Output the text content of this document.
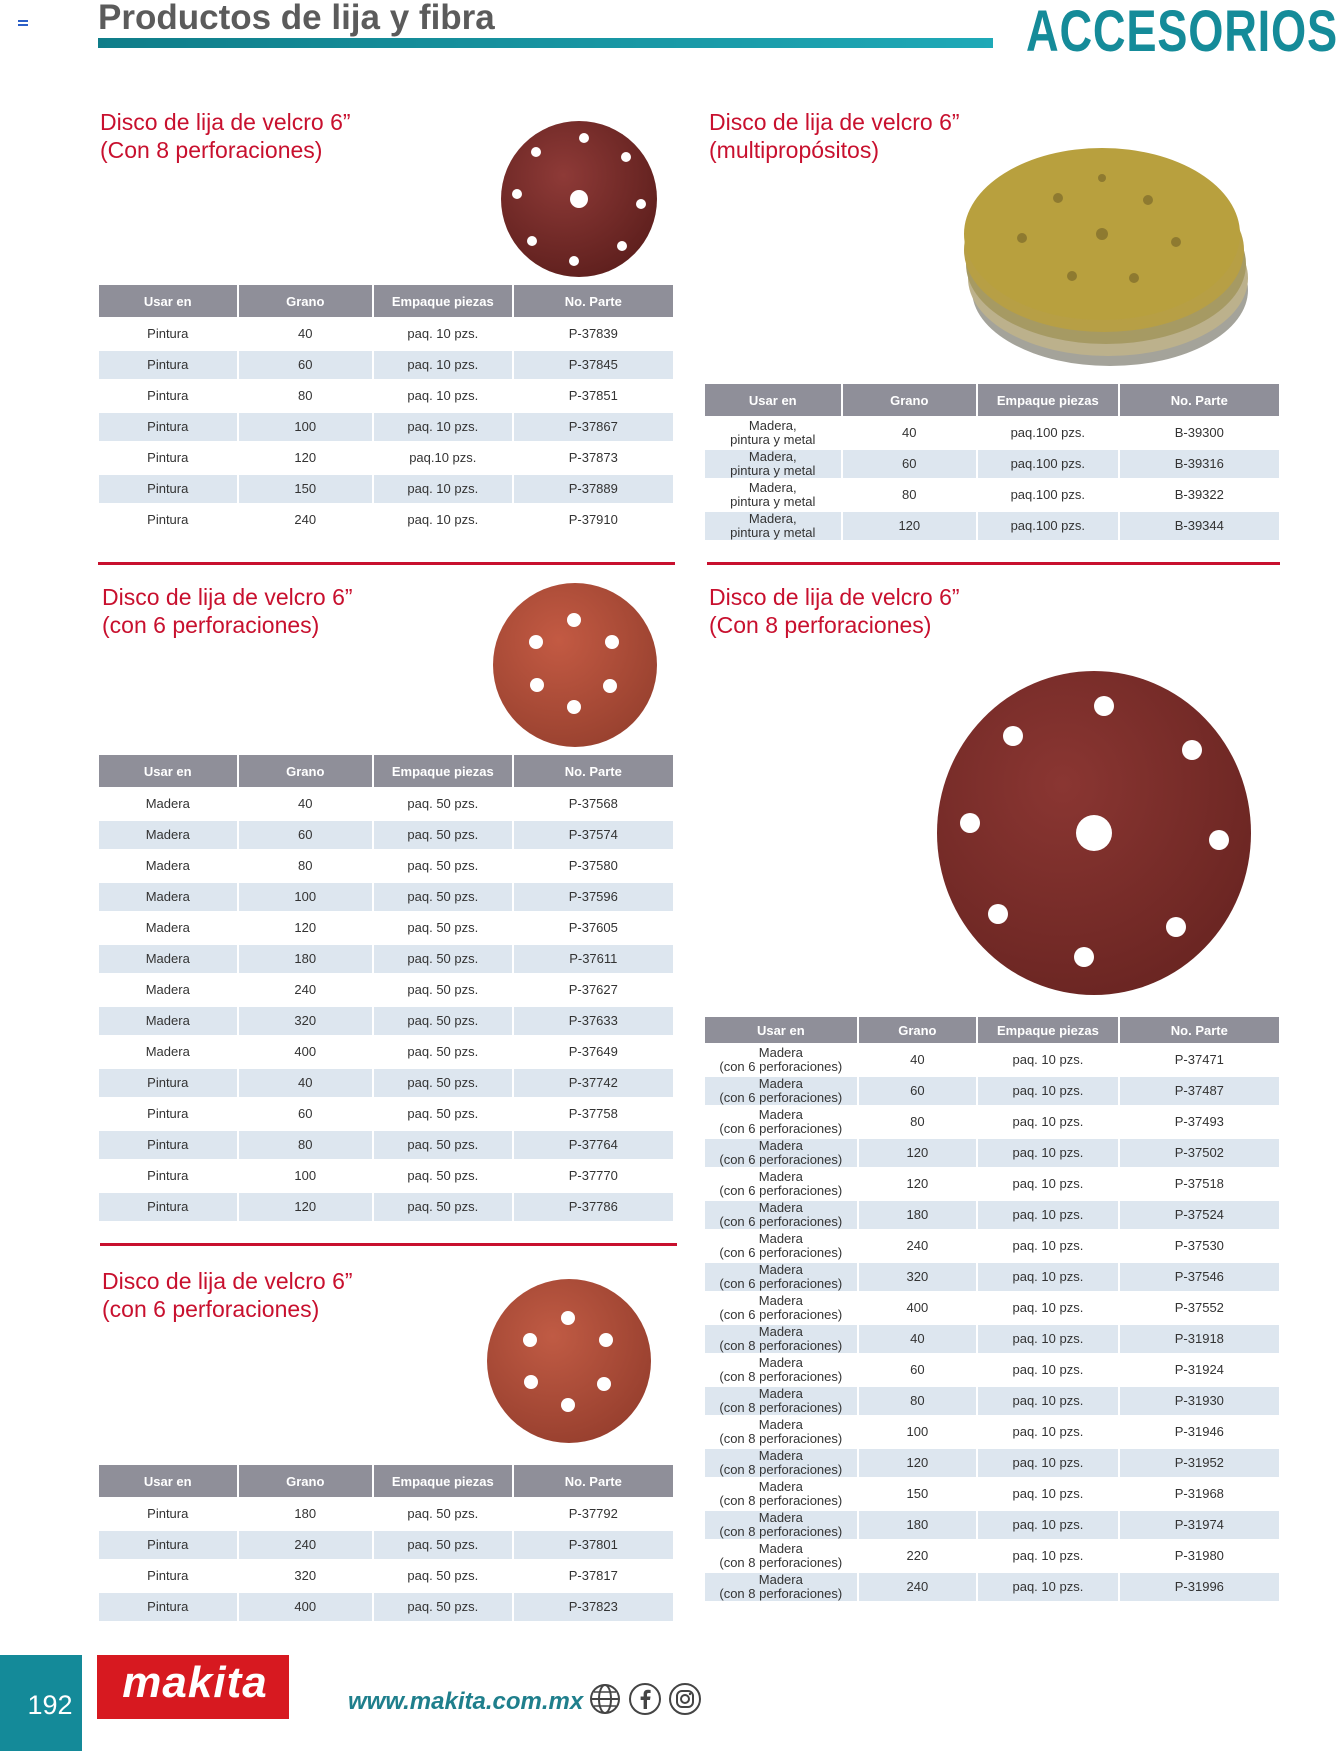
Productos de lija y fibra	ACCESORIOS
Disco de lija de velcro 6”
(Con 8 perforaciones)
Usar en	Grano	Empaque piezas	No. Parte
Pintura	40	paq. 10 pzs.	P-37839
Pintura	60	paq. 10 pzs.	P-37845
Pintura	80	paq. 10 pzs.	P-37851
Pintura	100	paq. 10 pzs.	P-37867
Pintura	120	paq.10 pzs.	P-37873
Pintura	150	paq. 10 pzs.	P-37889
Pintura	240	paq. 10 pzs.	P-37910
Disco de lija de velcro 6”
(multipropósitos)
Usar en	Grano	Empaque piezas	No. Parte
Madera,
pintura y metal	40	paq.100 pzs.	B-39300
Madera,
pintura y metal	60	paq.100 pzs.	B-39316
Madera,
pintura y metal	80	paq.100 pzs.	B-39322
Madera,
pintura y metal	120	paq.100 pzs.	B-39344
Disco de lija de velcro 6”
(con 6 perforaciones)
Usar en	Grano	Empaque piezas	No. Parte
Madera	40	paq. 50 pzs.	P-37568
Madera	60	paq. 50 pzs.	P-37574
Madera	80	paq. 50 pzs.	P-37580
Madera	100	paq. 50 pzs.	P-37596
Madera	120	paq. 50 pzs.	P-37605
Madera	180	paq. 50 pzs.	P-37611
Madera	240	paq. 50 pzs.	P-37627
Madera	320	paq. 50 pzs.	P-37633
Madera	400	paq. 50 pzs.	P-37649
Pintura	40	paq. 50 pzs.	P-37742
Pintura	60	paq. 50 pzs.	P-37758
Pintura	80	paq. 50 pzs.	P-37764
Pintura	100	paq. 50 pzs.	P-37770
Pintura	120	paq. 50 pzs.	P-37786
Disco de lija de velcro 6”
(Con 8 perforaciones)
Usar en	Grano	Empaque piezas	No. Parte
Madera
(con 6 perforaciones)	40	paq. 10 pzs.	P-37471
Madera
(con 6 perforaciones)	60	paq. 10 pzs.	P-37487
Madera
(con 6 perforaciones)	80	paq. 10 pzs.	P-37493
Madera
(con 6 perforaciones)	120	paq. 10 pzs.	P-37502
Madera
(con 6 perforaciones)	120	paq. 10 pzs.	P-37518
Madera
(con 6 perforaciones)	180	paq. 10 pzs.	P-37524
Madera
(con 6 perforaciones)	240	paq. 10 pzs.	P-37530
Madera
(con 6 perforaciones)	320	paq. 10 pzs.	P-37546
Madera
(con 6 perforaciones)	400	paq. 10 pzs.	P-37552
Madera
(con 8 perforaciones)	40	paq. 10 pzs.	P-31918
Madera
(con 8 perforaciones)	60	paq. 10 pzs.	P-31924
Madera
(con 8 perforaciones)	80	paq. 10 pzs.	P-31930
Madera
(con 8 perforaciones)	100	paq. 10 pzs.	P-31946
Madera
(con 8 perforaciones)	120	paq. 10 pzs.	P-31952
Madera
(con 8 perforaciones)	150	paq. 10 pzs.	P-31968
Madera
(con 8 perforaciones)	180	paq. 10 pzs.	P-31974
Madera
(con 8 perforaciones)	220	paq. 10 pzs.	P-31980
Madera
(con 8 perforaciones)	240	paq. 10 pzs.	P-31996
Disco de lija de velcro 6”
(con 6 perforaciones)
Usar en	Grano	Empaque piezas	No. Parte
Pintura	180	paq. 50 pzs.	P-37792
Pintura	240	paq. 50 pzs.	P-37801
Pintura	320	paq. 50 pzs.	P-37817
Pintura	400	paq. 50 pzs.	P-37823
192	makita	www.makita.com.mx
